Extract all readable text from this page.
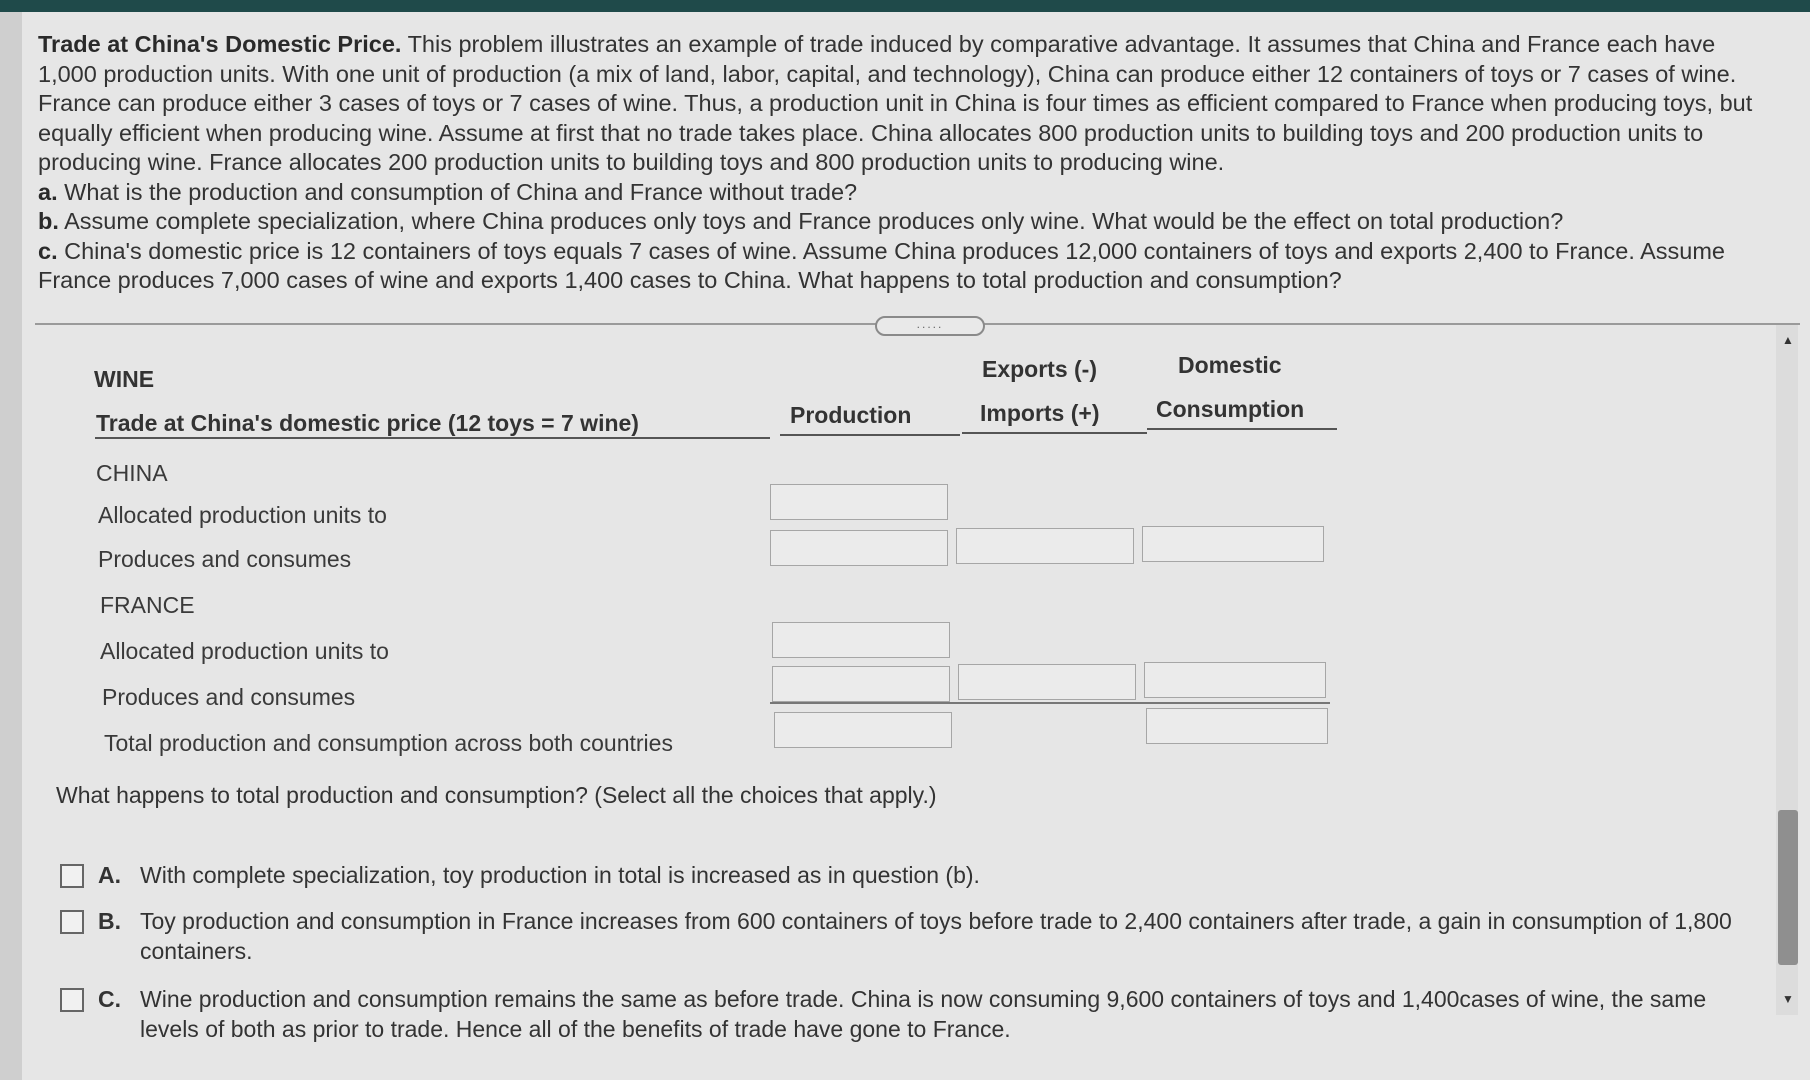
Trade at China's Domestic Price. This problem illustrates an example of trade induced by comparative advantage. It assumes that China and France each have 1,000 production units. With one unit of production (a mix of land, labor, capital, and technology), China can produce either 12 containers of toys or 7 cases of wine. France can produce either 3 cases of toys or 7 cases of wine. Thus, a production unit in China is four times as efficient compared to France when producing toys, but equally efficient when producing wine. Assume at first that no trade takes place. China allocates 800 production units to building toys and 200 production units to producing wine. France allocates 200 production units to building toys and 800 production units to producing wine.

a. What is the production and consumption of China and France without trade?

b. Assume complete specialization, where China produces only toys and France produces only wine. What would be the effect on total production?

c. China's domestic price is 12 containers of toys equals 7 cases of wine. Assume China produces 12,000 containers of toys and exports 2,400 to France. Assume France produces 7,000 cases of wine and exports 1,400 cases to China. What happens to total production and consumption?

.....
WINE
Trade at China's domestic price (12 toys = 7 wine)	Production
Exports (-)
Imports (+)
Domestic
Consumption
CHINA
Allocated production units to
Produces and consumes
FRANCE
Allocated production units to
Produces and consumes
Total production and consumption across both countries
What happens to total production and consumption? (Select all the choices that apply.)
A. With complete specialization, toy production in total is increased as in question (b).
B. Toy production and consumption in France increases from 600 containers of toys before trade to 2,400 containers after trade, a gain in consumption of 1,800 containers.
C. Wine production and consumption remains the same as before trade. China is now consuming 9,600 containers of toys and 1,400cases of wine, the same levels of both as prior to trade. Hence all of the benefits of trade have gone to France.
▲
▼
